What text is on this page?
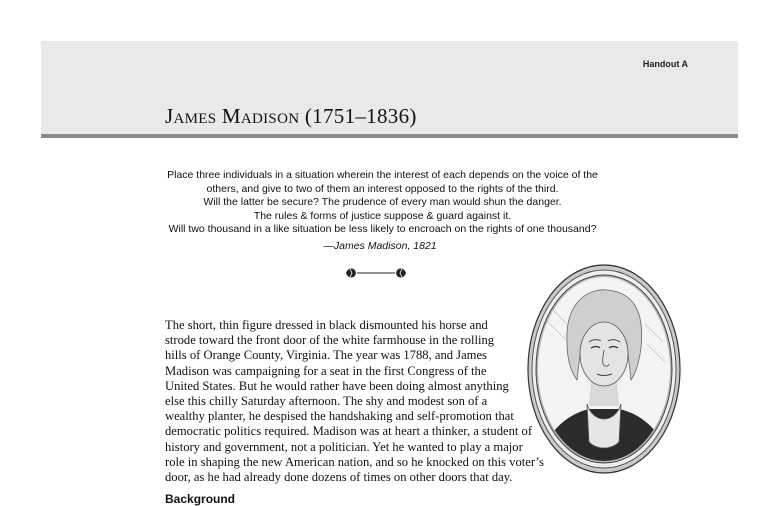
Handout A
James Madison (1751–1836)
Place three individuals in a situation wherein the interest of each depends on the voice of the
others, and give to two of them an interest opposed to the rights of the third.
Will the latter be secure? The prudence of every man would shun the danger.
The rules & forms of justice suppose & guard against it.
Will two thousand in a like situation be less likely to encroach on the rights of one thousand?
—James Madison, 1821
The short, thin figure dressed in black dismounted his horse and
strode toward the front door of the white farmhouse in the rolling
hills of Orange County, Virginia. The year was 1788, and James
Madison was campaigning for a seat in the first Congress of the
United States. But he would rather have been doing almost anything
else this chilly Saturday afternoon. The shy and modest son of a
wealthy planter, he despised the handshaking and self-promotion that
democratic politics required. Madison was at heart a thinker, a student of
history and government, not a politician. Yet he wanted to play a major
role in shaping the new American nation, and so he knocked on this voter’s
door, as he had already done dozens of times on other doors that day.
Background
